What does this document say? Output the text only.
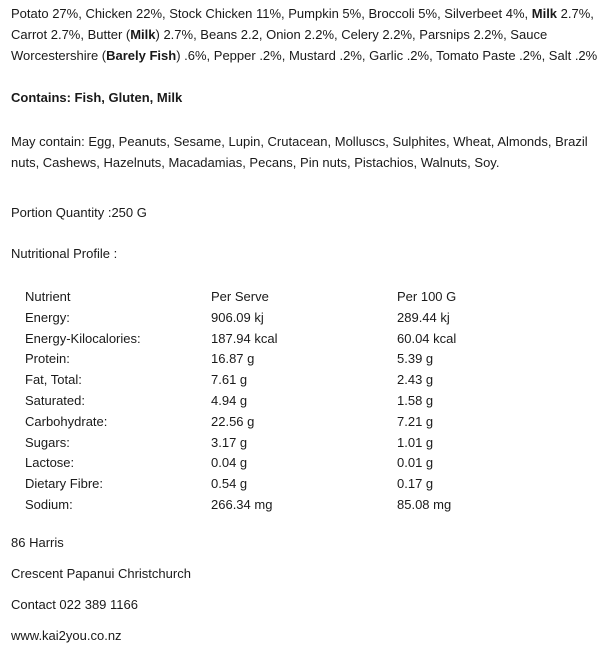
Potato 27%, Chicken 22%, Stock Chicken 11%, Pumpkin 5%, Broccoli 5%, Silverbeet 4%, Milk 2.7%, Carrot 2.7%, Butter (Milk) 2.7%, Beans 2.2, Onion 2.2%, Celery 2.2%, Parsnips 2.2%, Sauce Worcestershire (Barely Fish) .6%, Pepper .2%, Mustard .2%, Garlic .2%, Tomato Paste .2%, Salt .2%
Contains: Fish, Gluten, Milk
May contain: Egg, Peanuts, Sesame, Lupin, Crutacean, Molluscs, Sulphites, Wheat, Almonds, Brazil nuts, Cashews, Hazelnuts, Macadamias, Pecans, Pin nuts, Pistachios, Walnuts, Soy.
Portion Quantity :250 G
Nutritional Profile :
Nutrient	Per Serve	Per 100 G
Energy:	906.09 kj	289.44 kj
Energy-Kilocalories:	187.94 kcal	60.04 kcal
Protein:	16.87 g	5.39 g
Fat, Total:	7.61 g	2.43 g
Saturated:	4.94 g	1.58 g
Carbohydrate:	22.56 g	7.21 g
Sugars:	3.17 g	1.01 g
Lactose:	0.04 g	0.01 g
Dietary Fibre:	0.54 g	0.17 g
Sodium:	266.34 mg	85.08 mg
86 Harris
Crescent Papanui Christchurch
Contact 022 389 1166
www.kai2you.co.nz
